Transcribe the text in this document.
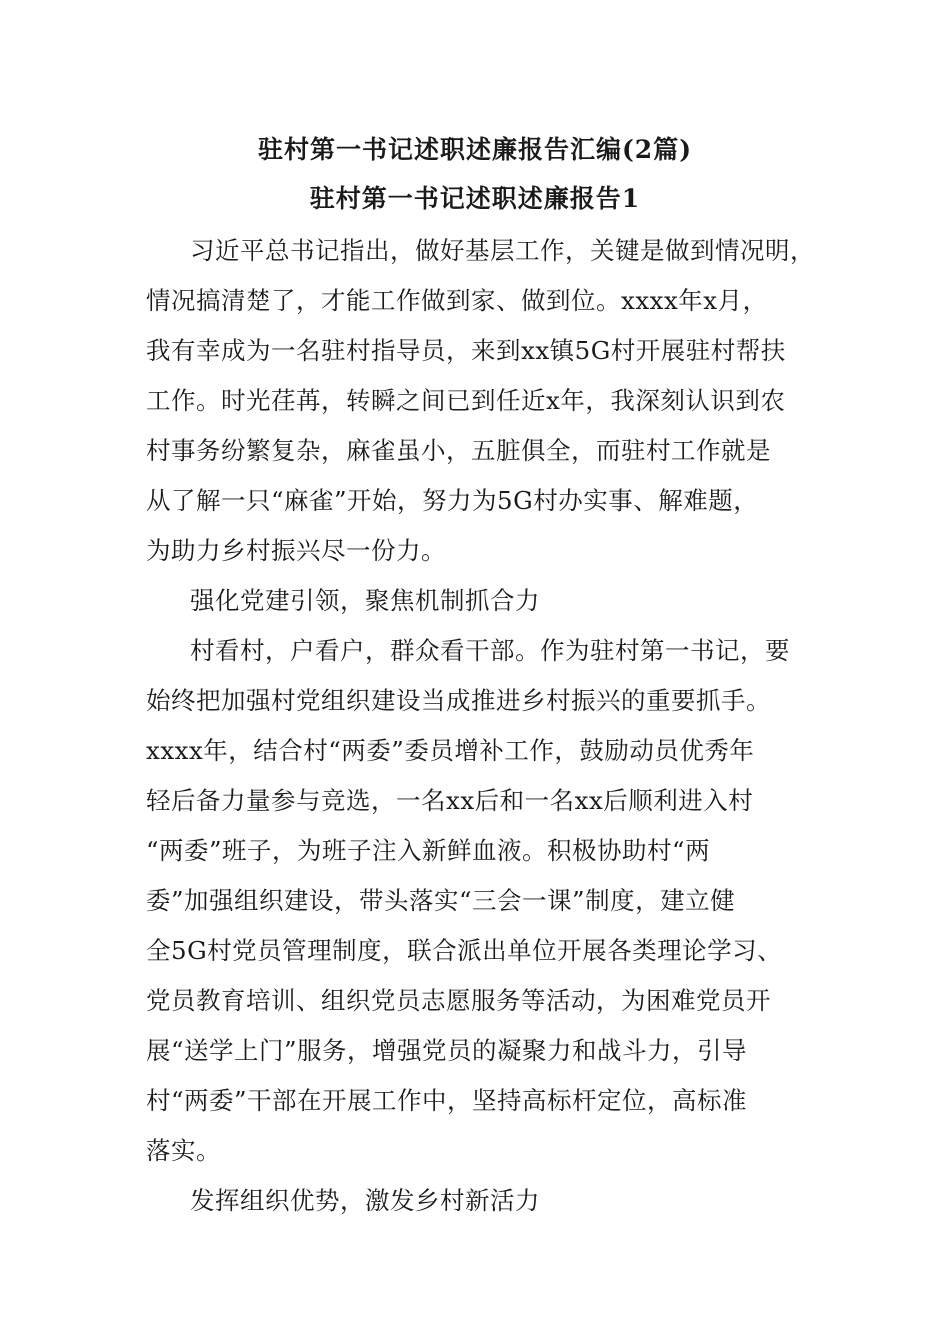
驻村第一书记述职述廉报告汇编(2篇)
驻村第一书记述职述廉报告1

习近平总书记指出，做好基层工作，关键是做到情况明，

情况搞清楚了，才能工作做到家、做到位。xxxx年x月，

我有幸成为一名驻村指导员，来到xx镇5G村开展驻村帮扶

工作。时光荏苒，转瞬之间已到任近x年，我深刻认识到农

村事务纷繁复杂，麻雀虽小，五脏俱全，而驻村工作就是

从了解一只“麻雀”开始，努力为5G村办实事、解难题，

为助力乡村振兴尽一份力。

强化党建引领，聚焦机制抓合力

村看村，户看户，群众看干部。作为驻村第一书记，要

始终把加强村党组织建设当成推进乡村振兴的重要抓手。

xxxx年，结合村“两委”委员增补工作，鼓励动员优秀年

轻后备力量参与竞选，一名xx后和一名xx后顺利进入村

“两委”班子，为班子注入新鲜血液。积极协助村“两

委”加强组织建设，带头落实“三会一课”制度，建立健

全5G村党员管理制度，联合派出单位开展各类理论学习、

党员教育培训、组织党员志愿服务等活动，为困难党员开

展“送学上门”服务，增强党员的凝聚力和战斗力，引导

村“两委”干部在开展工作中，坚持高标杆定位，高标准

落实。

发挥组织优势，激发乡村新活力
